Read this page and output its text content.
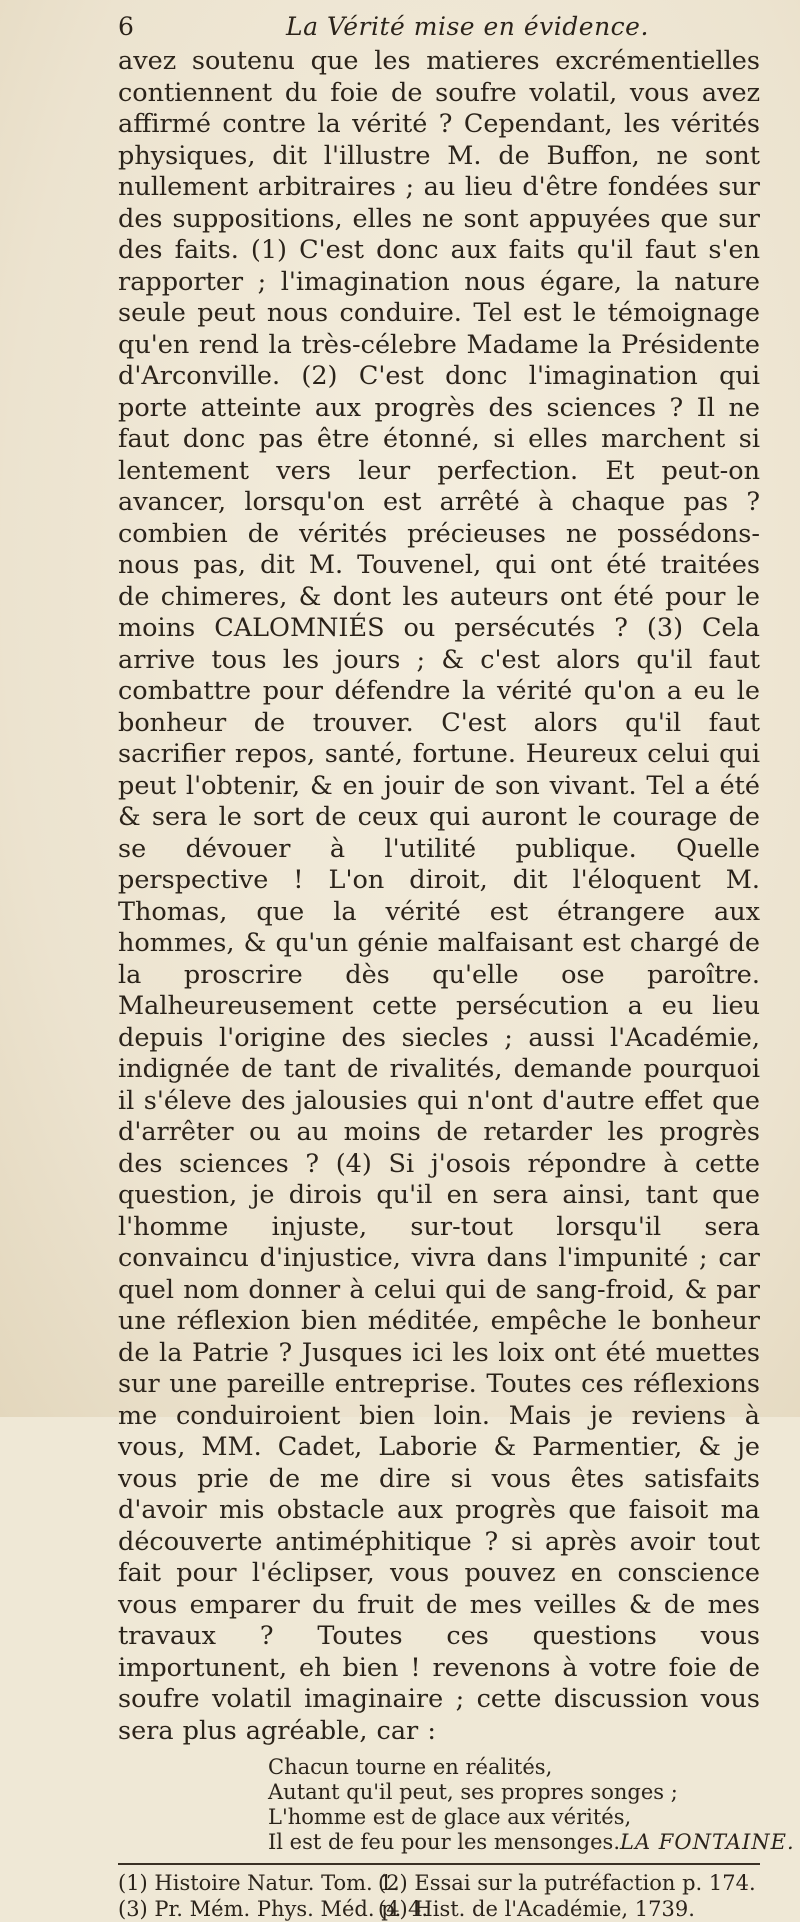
6	La Vérité mise en évidence.

avez soutenu que les matieres excrémentielles contiennent du foie de soufre volatil, vous avez affirmé contre la vérité ? Cependant, les vérités physiques, dit l'illustre M. de Buffon, ne sont nullement arbitraires ; au lieu d'être fondées sur des suppositions, elles ne sont appuyées que sur des faits. (1) C'est donc aux faits qu'il faut s'en rapporter ; l'imagination nous égare, la nature seule peut nous conduire. Tel est le témoignage qu'en rend la très-célebre Madame la Présidente d'Arconville. (2) C'est donc l'imagination qui porte atteinte aux progrès des sciences ? Il ne faut donc pas être étonné, si elles marchent si lentement vers leur perfection. Et peut-on avancer, lorsqu'on est arrêté à chaque pas ? combien de vérités précieuses ne possédons-nous pas, dit M. Touvenel, qui ont été traitées de chimeres, & dont les auteurs ont été pour le moins CALOMNIÉS ou persécutés ? (3) Cela arrive tous les jours ; & c'est alors qu'il faut combattre pour défendre la vérité qu'on a eu le bonheur de trouver. C'est alors qu'il faut sacrifier repos, santé, fortune. Heureux celui qui peut l'obtenir, & en jouir de son vivant. Tel a été & sera le sort de ceux qui auront le courage de se dévouer à l'utilité publique. Quelle perspective ! L'on diroit, dit l'éloquent M. Thomas, que la vérité est étrangere aux hommes, & qu'un génie malfaisant est chargé de la proscrire dès qu'elle ose paroître. Malheureusement cette persécution a eu lieu depuis l'origine des siecles ; aussi l'Académie, indignée de tant de rivalités, demande pourquoi il s'éleve des jalousies qui n'ont d'autre effet que d'arrêter ou au moins de retarder les progrès des sciences ? (4) Si j'osois répondre à cette question, je dirois qu'il en sera ainsi, tant que l'homme injuste, sur-tout lorsqu'il sera convaincu d'injustice, vivra dans l'impunité ; car quel nom donner à celui qui de sang-froid, & par une réflexion bien méditée, empêche le bonheur de la Patrie ? Jusques ici les loix ont été muettes sur une pareille entreprise. Toutes ces réflexions me conduiroient bien loin. Mais je reviens à vous, MM. Cadet, Laborie & Parmentier, & je vous prie de me dire si vous êtes satisfaits d'avoir mis obstacle aux progrès que faisoit ma découverte antiméphitique ? si après avoir tout fait pour l'éclipser, vous pouvez en conscience vous emparer du fruit de mes veilles & de mes travaux ? Toutes ces questions vous importunent, eh bien ! revenons à votre foie de soufre volatil imaginaire ; cette discussion vous sera plus agréable, car :

Chacun tourne en réalités,
Autant qu'il peut, ses propres songes ;
L'homme est de glace aux vérités,
Il est de feu pour les mensonges. LA FONTAINE.
(1) Histoire Natur. Tom. 1.
(2) Essai sur la putréfaction p. 174.
(3) Pr. Mém. Phys. Méd. p. 4.
(4) Hist. de l'Académie, 1739.
